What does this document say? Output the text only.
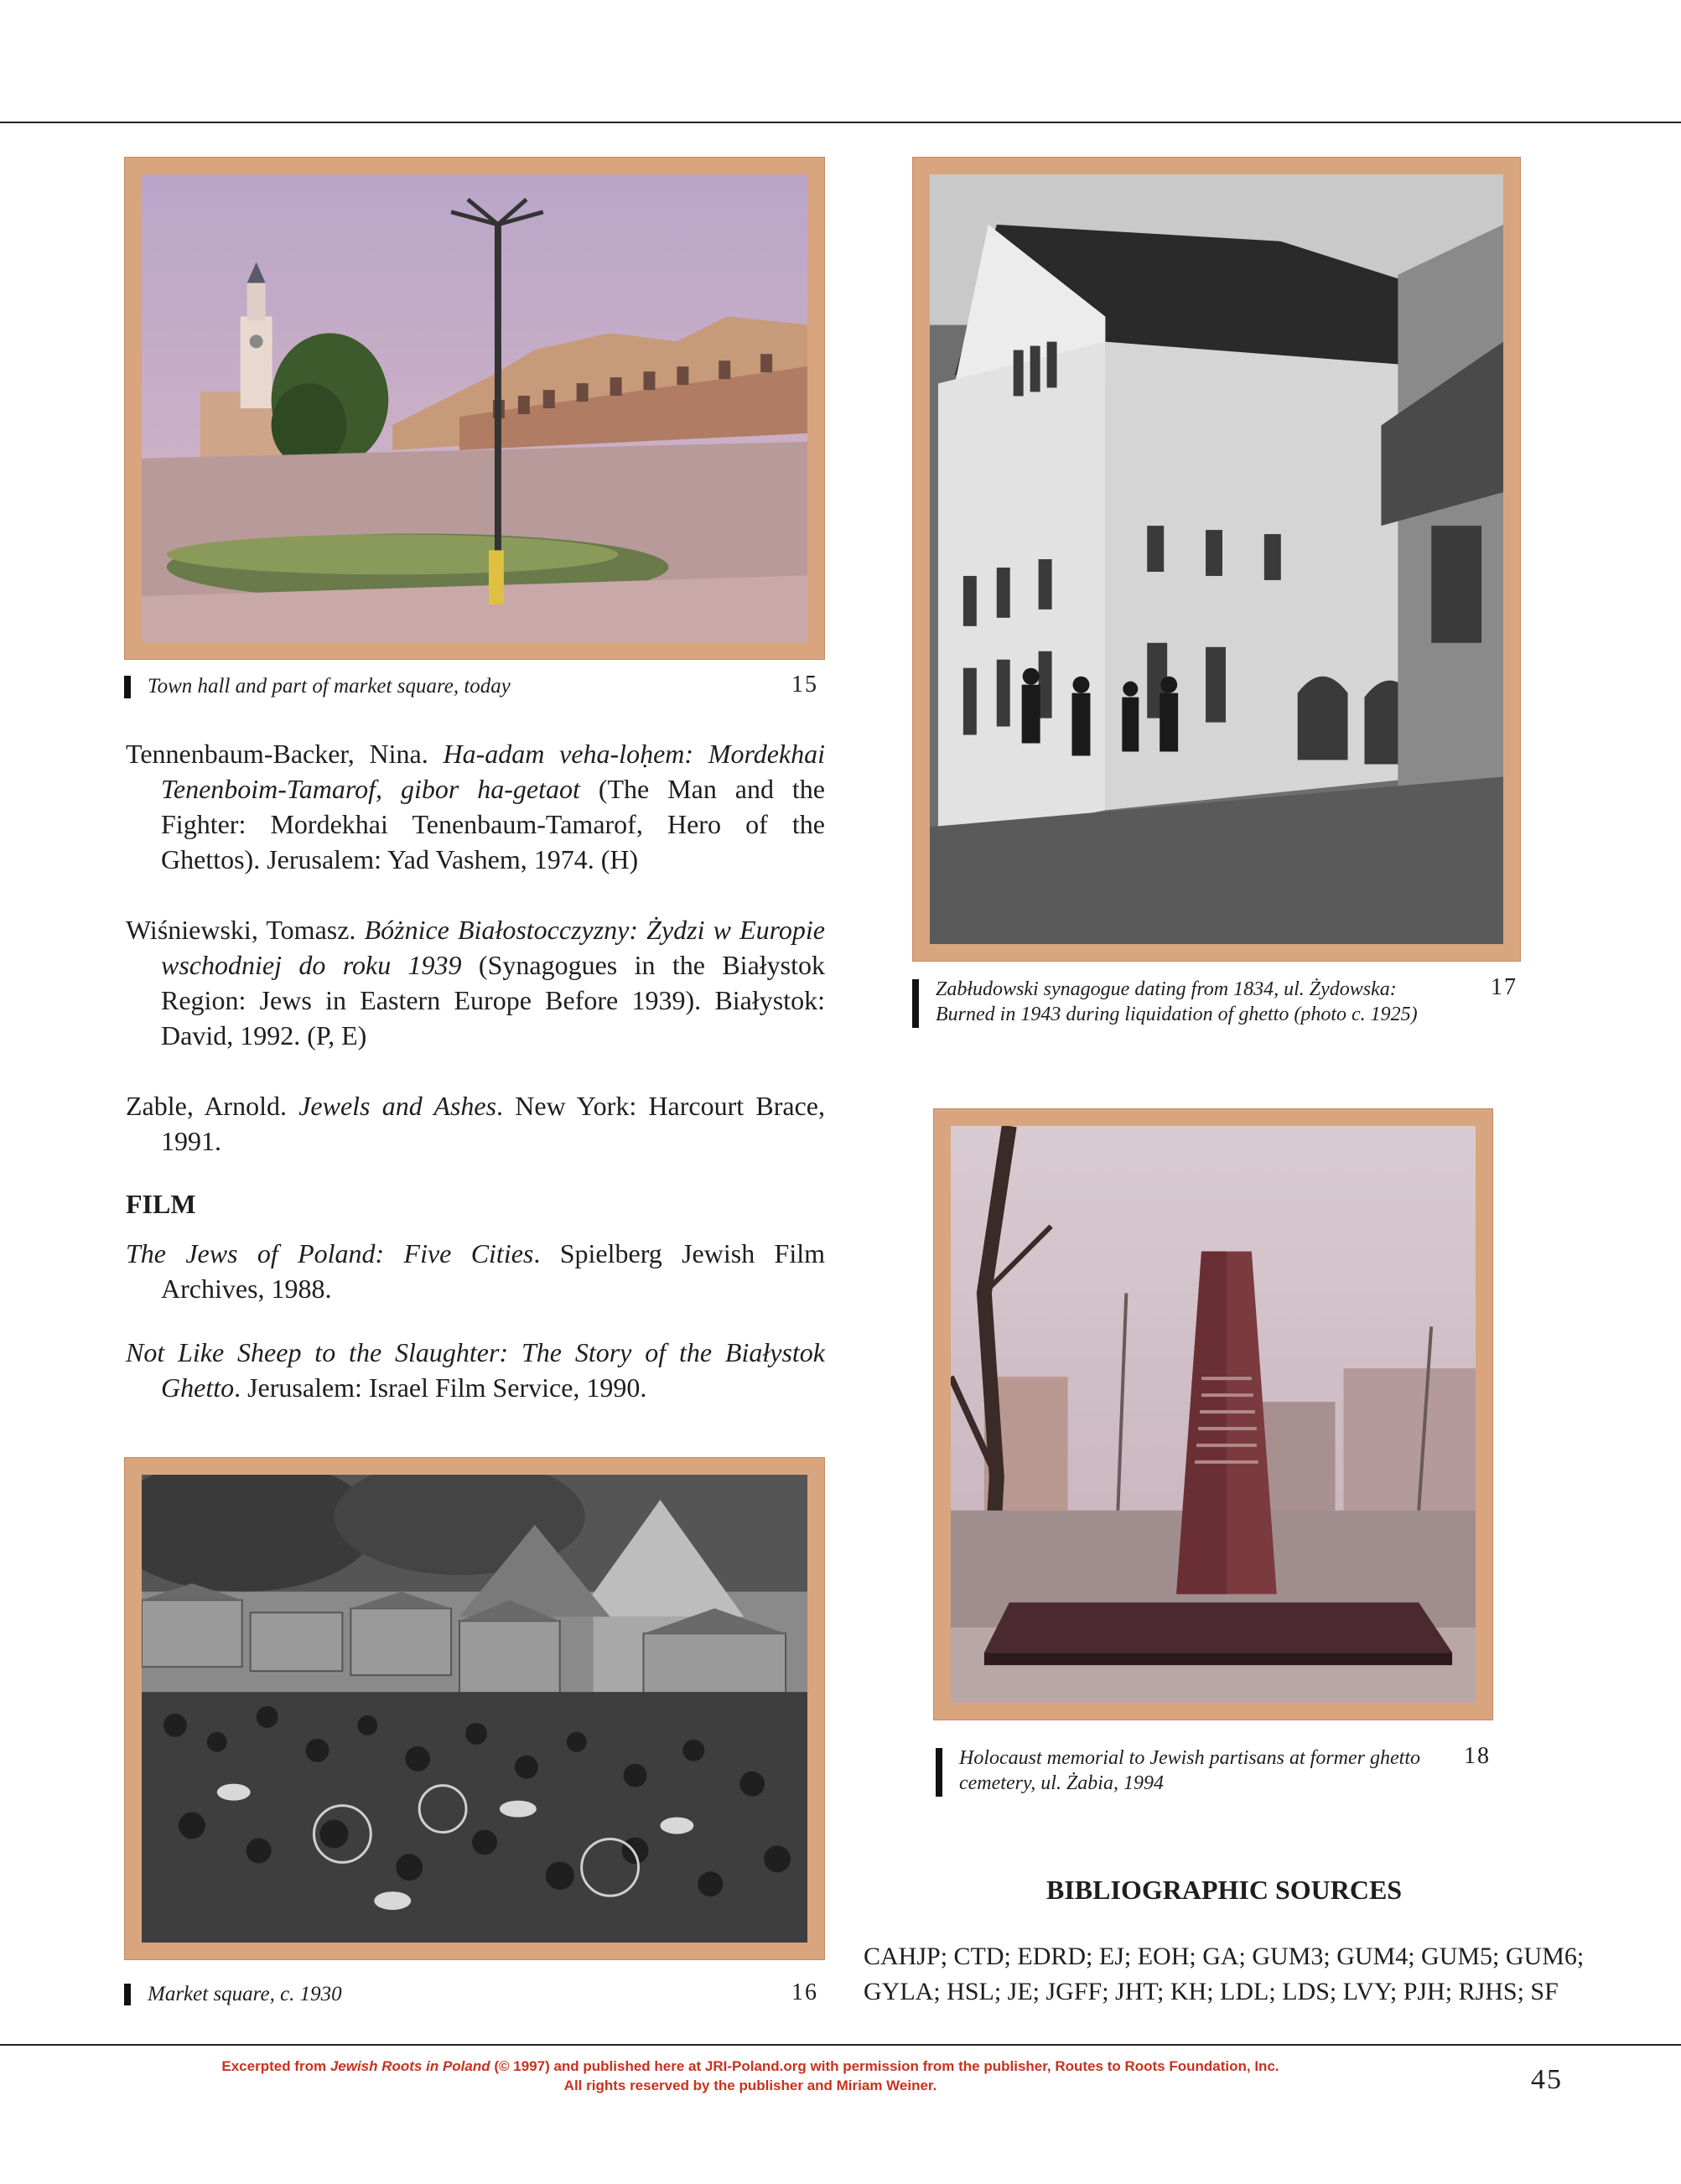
Town hall and part of market square, today	15

Tennenbaum-Backer, Nina. Ha-adam veha-loḥem: Mordekhai Tenenboim-Tamarof, gibor ha-getaot (The Man and the Fighter: Mordekhai Tenenbaum-Tamarof, Hero of the Ghettos). Jerusalem: Yad Vashem, 1974. (H)

Wiśniewski, Tomasz. Bóżnice Białostocczyzny: Żydzi w Europie wschodniej do roku 1939 (Synagogues in the Białystok Region: Jews in Eastern Europe Before 1939). Białystok: David, 1992. (P, E)

Zable, Arnold. Jewels and Ashes. New York: Harcourt Brace, 1991.

FILM

The Jews of Poland: Five Cities. Spielberg Jewish Film Archives, 1988.

Not Like Sheep to the Slaughter: The Story of the Białystok Ghetto. Jerusalem: Israel Film Service, 1990.

Market square, c. 1930	16
Zabłudowski synagogue dating from 1834, ul. Żydowska:
Burned in 1943 during liquidation of ghetto (photo c. 1925)
17
Holocaust memorial to Jewish partisans at former ghetto
cemetery, ul. Żabia, 1994
18
BIBLIOGRAPHIC SOURCES
CAHJP; CTD; EDRD; EJ; EOH; GA; GUM3; GUM4; GUM5; GUM6;
GYLA; HSL; JE; JGFF; JHT; KH; LDL; LDS; LVY; PJH; RJHS; SF
Excerpted from Jewish Roots in Poland (© 1997) and published here at JRI-Poland.org with permission from the publisher, Routes to Roots Foundation, Inc.
All rights reserved by the publisher and Miriam Weiner.	45
